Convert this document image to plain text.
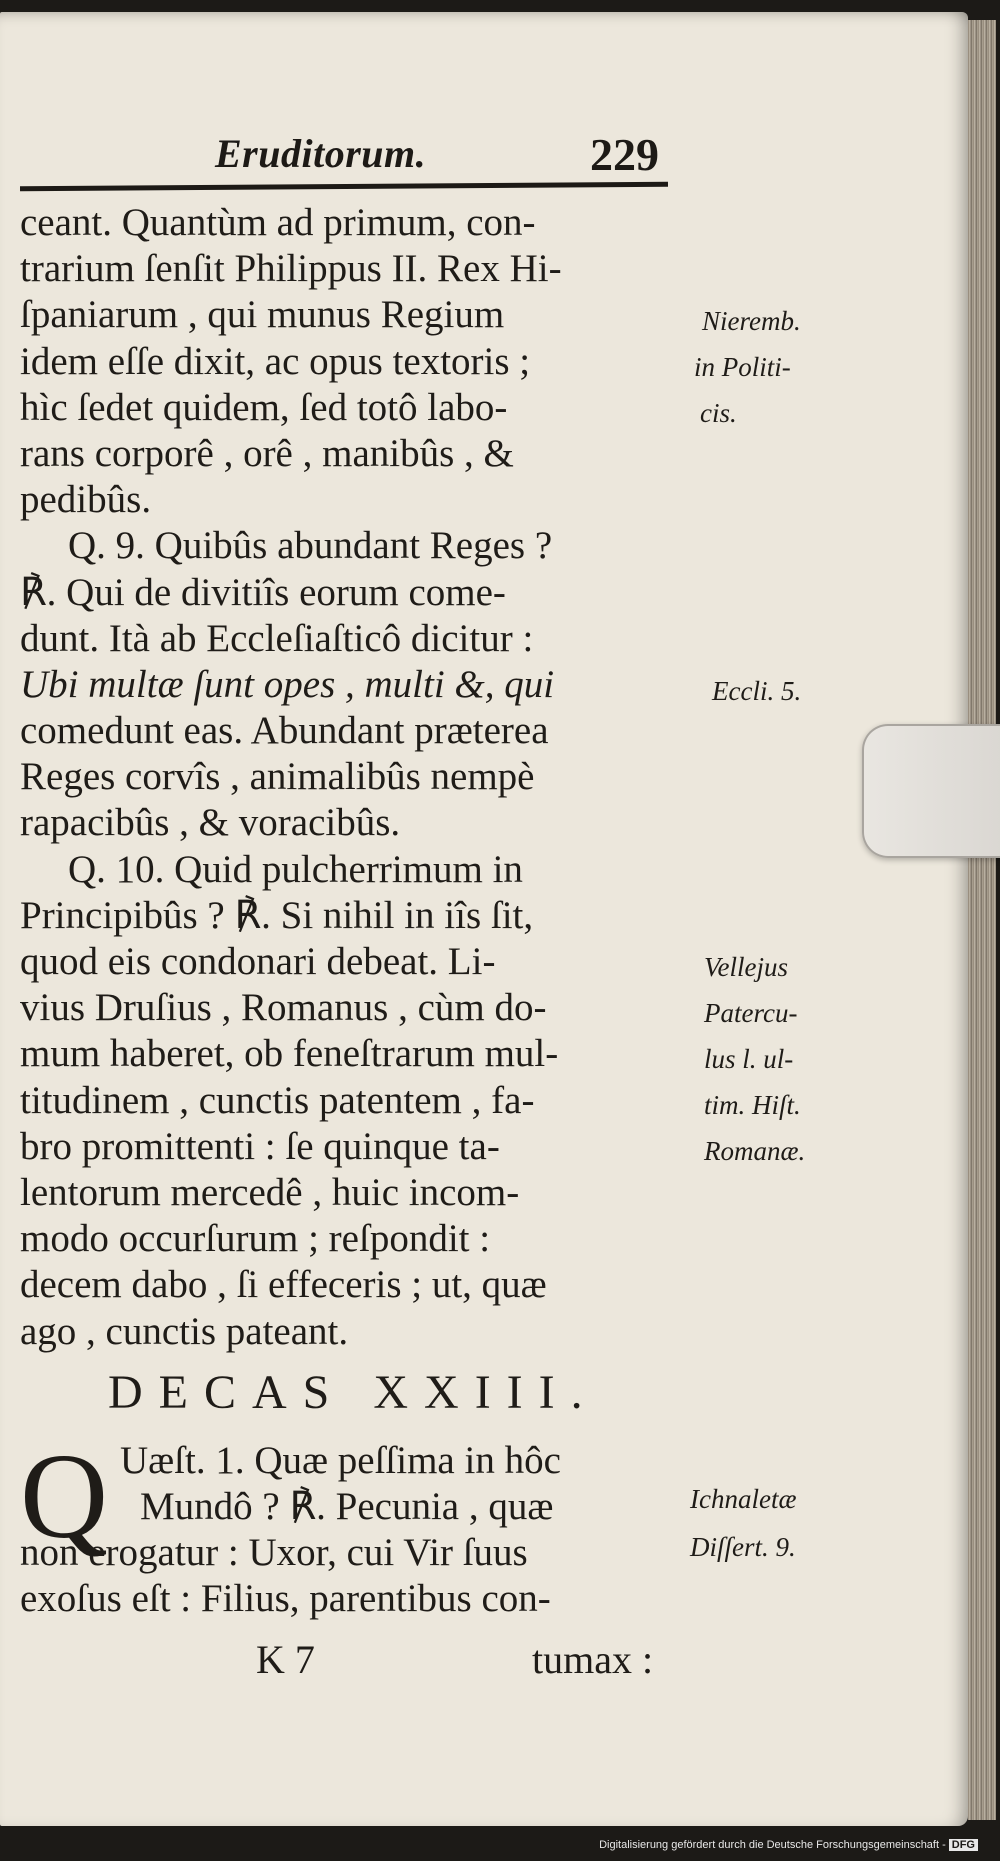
Eruditorum.	229
ceant. Quantùm ad primum, con-
trarium ſenſit Philippus II. Rex Hi-
ſpaniarum , qui munus Regium
idem eſſe dixit, ac opus textoris ;
hìc ſedet quidem, ſed totô labo-
rans corporê , orê , manibûs , &
pedibûs.
Q. 9. Quibûs abundant Reges ?
℟. Qui de divitiîs eorum come-
dunt. Ità ab Eccleſiaſticô dicitur :
Ubi multæ ſunt opes , multi &, qui
comedunt eas. Abundant præterea
Reges corvîs , animalibûs nempè
rapacibûs , & voracibûs.
Q. 10. Quid pulcherrimum in
Principibûs ? ℟. Si nihil in iîs ſit,
quod eis condonari debeat. Li-
vius Druſius , Romanus , cùm do-
mum haberet, ob feneſtrarum mul-
titudinem , cunctis patentem , fa-
bro promittenti : ſe quinque ta-
lentorum mercedê , huic incom-
modo occurſurum ; reſpondit :
decem dabo , ſi effeceris ; ut, quæ
ago , cunctis pateant.
Nieremb.
in Politi-
cis.
Eccli. 5.
Vellejus
Patercu-
lus l. ul-
tim. Hiſt.
Romanæ.
Ichnaletæ
Diſſert. 9.
DECAS XXIII.
Q Uæſt. 1. Quæ peſſima in hôc
Mundô ? ℟. Pecunia , quæ
non erogatur : Uxor, cui Vir ſuus
exoſus eſt : Filius, parentibus con-
K 7	tumax :
Digitalisierung gefördert durch die Deutsche Forschungsgemeinschaft - DFG
